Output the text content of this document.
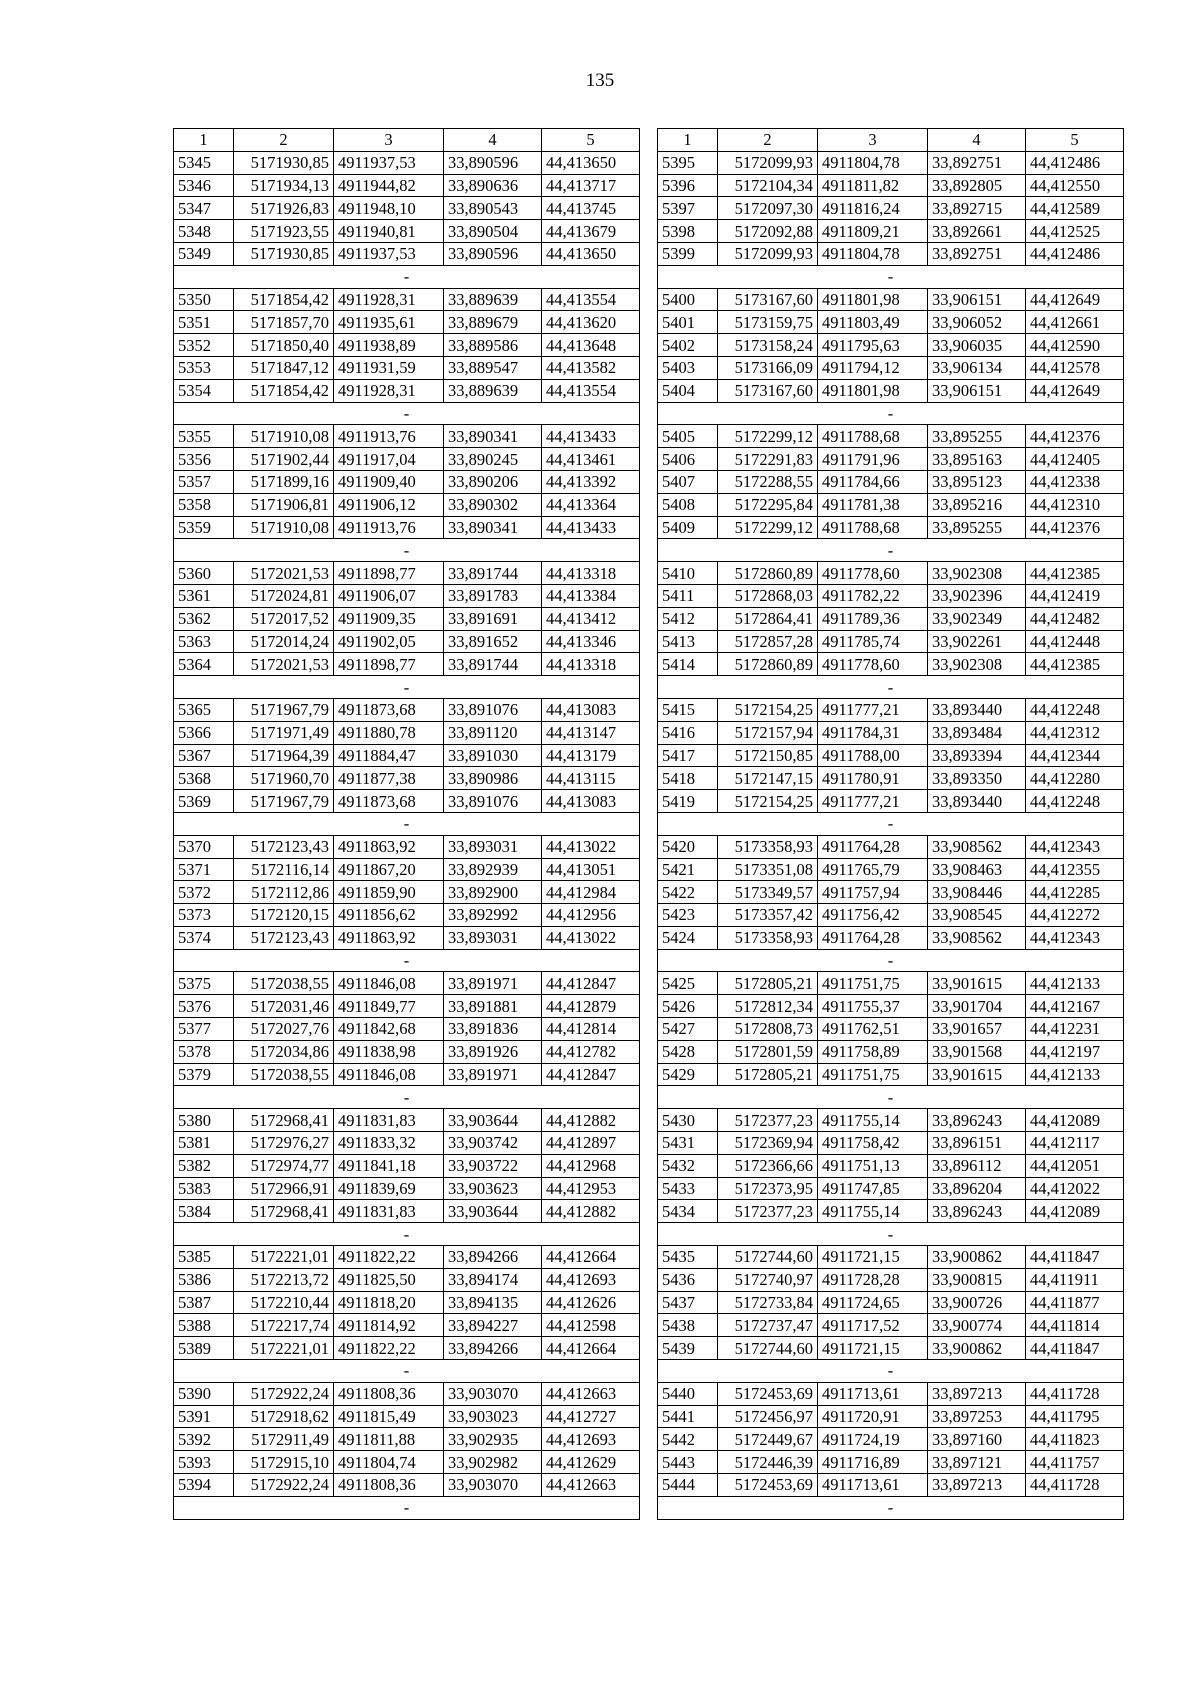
135
1	2	3	4	5
5345	5171930,85	4911937,53	33,890596	44,413650
5346	5171934,13	4911944,82	33,890636	44,413717
5347	5171926,83	4911948,10	33,890543	44,413745
5348	5171923,55	4911940,81	33,890504	44,413679
5349	5171930,85	4911937,53	33,890596	44,413650
-				
5350	5171854,42	4911928,31	33,889639	44,413554
5351	5171857,70	4911935,61	33,889679	44,413620
5352	5171850,40	4911938,89	33,889586	44,413648
5353	5171847,12	4911931,59	33,889547	44,413582
5354	5171854,42	4911928,31	33,889639	44,413554
-				
5355	5171910,08	4911913,76	33,890341	44,413433
5356	5171902,44	4911917,04	33,890245	44,413461
5357	5171899,16	4911909,40	33,890206	44,413392
5358	5171906,81	4911906,12	33,890302	44,413364
5359	5171910,08	4911913,76	33,890341	44,413433
-				
5360	5172021,53	4911898,77	33,891744	44,413318
5361	5172024,81	4911906,07	33,891783	44,413384
5362	5172017,52	4911909,35	33,891691	44,413412
5363	5172014,24	4911902,05	33,891652	44,413346
5364	5172021,53	4911898,77	33,891744	44,413318
-				
5365	5171967,79	4911873,68	33,891076	44,413083
5366	5171971,49	4911880,78	33,891120	44,413147
5367	5171964,39	4911884,47	33,891030	44,413179
5368	5171960,70	4911877,38	33,890986	44,413115
5369	5171967,79	4911873,68	33,891076	44,413083
-				
5370	5172123,43	4911863,92	33,893031	44,413022
5371	5172116,14	4911867,20	33,892939	44,413051
5372	5172112,86	4911859,90	33,892900	44,412984
5373	5172120,15	4911856,62	33,892992	44,412956
5374	5172123,43	4911863,92	33,893031	44,413022
-				
5375	5172038,55	4911846,08	33,891971	44,412847
5376	5172031,46	4911849,77	33,891881	44,412879
5377	5172027,76	4911842,68	33,891836	44,412814
5378	5172034,86	4911838,98	33,891926	44,412782
5379	5172038,55	4911846,08	33,891971	44,412847
-				
5380	5172968,41	4911831,83	33,903644	44,412882
5381	5172976,27	4911833,32	33,903742	44,412897
5382	5172974,77	4911841,18	33,903722	44,412968
5383	5172966,91	4911839,69	33,903623	44,412953
5384	5172968,41	4911831,83	33,903644	44,412882
-				
5385	5172221,01	4911822,22	33,894266	44,412664
5386	5172213,72	4911825,50	33,894174	44,412693
5387	5172210,44	4911818,20	33,894135	44,412626
5388	5172217,74	4911814,92	33,894227	44,412598
5389	5172221,01	4911822,22	33,894266	44,412664
-				
5390	5172922,24	4911808,36	33,903070	44,412663
5391	5172918,62	4911815,49	33,903023	44,412727
5392	5172911,49	4911811,88	33,902935	44,412693
5393	5172915,10	4911804,74	33,902982	44,412629
5394	5172922,24	4911808,36	33,903070	44,412663
-				
1	2	3	4	5
5395	5172099,93	4911804,78	33,892751	44,412486
5396	5172104,34	4911811,82	33,892805	44,412550
5397	5172097,30	4911816,24	33,892715	44,412589
5398	5172092,88	4911809,21	33,892661	44,412525
5399	5172099,93	4911804,78	33,892751	44,412486
-				
5400	5173167,60	4911801,98	33,906151	44,412649
5401	5173159,75	4911803,49	33,906052	44,412661
5402	5173158,24	4911795,63	33,906035	44,412590
5403	5173166,09	4911794,12	33,906134	44,412578
5404	5173167,60	4911801,98	33,906151	44,412649
-				
5405	5172299,12	4911788,68	33,895255	44,412376
5406	5172291,83	4911791,96	33,895163	44,412405
5407	5172288,55	4911784,66	33,895123	44,412338
5408	5172295,84	4911781,38	33,895216	44,412310
5409	5172299,12	4911788,68	33,895255	44,412376
-				
5410	5172860,89	4911778,60	33,902308	44,412385
5411	5172868,03	4911782,22	33,902396	44,412419
5412	5172864,41	4911789,36	33,902349	44,412482
5413	5172857,28	4911785,74	33,902261	44,412448
5414	5172860,89	4911778,60	33,902308	44,412385
-				
5415	5172154,25	4911777,21	33,893440	44,412248
5416	5172157,94	4911784,31	33,893484	44,412312
5417	5172150,85	4911788,00	33,893394	44,412344
5418	5172147,15	4911780,91	33,893350	44,412280
5419	5172154,25	4911777,21	33,893440	44,412248
-				
5420	5173358,93	4911764,28	33,908562	44,412343
5421	5173351,08	4911765,79	33,908463	44,412355
5422	5173349,57	4911757,94	33,908446	44,412285
5423	5173357,42	4911756,42	33,908545	44,412272
5424	5173358,93	4911764,28	33,908562	44,412343
-				
5425	5172805,21	4911751,75	33,901615	44,412133
5426	5172812,34	4911755,37	33,901704	44,412167
5427	5172808,73	4911762,51	33,901657	44,412231
5428	5172801,59	4911758,89	33,901568	44,412197
5429	5172805,21	4911751,75	33,901615	44,412133
-				
5430	5172377,23	4911755,14	33,896243	44,412089
5431	5172369,94	4911758,42	33,896151	44,412117
5432	5172366,66	4911751,13	33,896112	44,412051
5433	5172373,95	4911747,85	33,896204	44,412022
5434	5172377,23	4911755,14	33,896243	44,412089
-				
5435	5172744,60	4911721,15	33,900862	44,411847
5436	5172740,97	4911728,28	33,900815	44,411911
5437	5172733,84	4911724,65	33,900726	44,411877
5438	5172737,47	4911717,52	33,900774	44,411814
5439	5172744,60	4911721,15	33,900862	44,411847
-				
5440	5172453,69	4911713,61	33,897213	44,411728
5441	5172456,97	4911720,91	33,897253	44,411795
5442	5172449,67	4911724,19	33,897160	44,411823
5443	5172446,39	4911716,89	33,897121	44,411757
5444	5172453,69	4911713,61	33,897213	44,411728
-				
